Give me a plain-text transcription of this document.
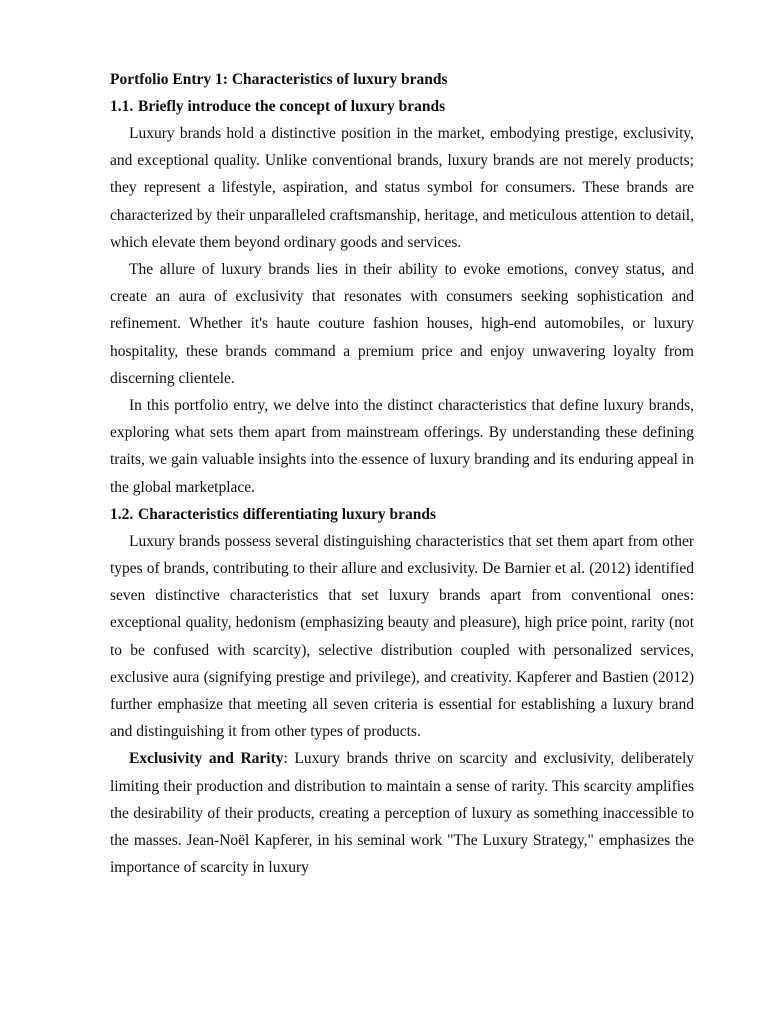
Portfolio Entry 1: Characteristics of luxury brands

1.1. Briefly introduce the concept of luxury brands

Luxury brands hold a distinctive position in the market, embodying prestige, exclusivity, and exceptional quality. Unlike conventional brands, luxury brands are not merely products; they represent a lifestyle, aspiration, and status symbol for consumers. These brands are characterized by their unparalleled craftsmanship, heritage, and meticulous attention to detail, which elevate them beyond ordinary goods and services.

The allure of luxury brands lies in their ability to evoke emotions, convey status, and create an aura of exclusivity that resonates with consumers seeking sophistication and refinement. Whether it's haute couture fashion houses, high-end automobiles, or luxury hospitality, these brands command a premium price and enjoy unwavering loyalty from discerning clientele.

In this portfolio entry, we delve into the distinct characteristics that define luxury brands, exploring what sets them apart from mainstream offerings. By understanding these defining traits, we gain valuable insights into the essence of luxury branding and its enduring appeal in the global marketplace.

1.2. Characteristics differentiating luxury brands

Luxury brands possess several distinguishing characteristics that set them apart from other types of brands, contributing to their allure and exclusivity. De Barnier et al. (2012) identified seven distinctive characteristics that set luxury brands apart from conventional ones: exceptional quality, hedonism (emphasizing beauty and pleasure), high price point, rarity (not to be confused with scarcity), selective distribution coupled with personalized services, exclusive aura (signifying prestige and privilege), and creativity. Kapferer and Bastien (2012) further emphasize that meeting all seven criteria is essential for establishing a luxury brand and distinguishing it from other types of products.

Exclusivity and Rarity: Luxury brands thrive on scarcity and exclusivity, deliberately limiting their production and distribution to maintain a sense of rarity. This scarcity amplifies the desirability of their products, creating a perception of luxury as something inaccessible to the masses. Jean-Noël Kapferer, in his seminal work "The Luxury Strategy," emphasizes the importance of scarcity in luxury
